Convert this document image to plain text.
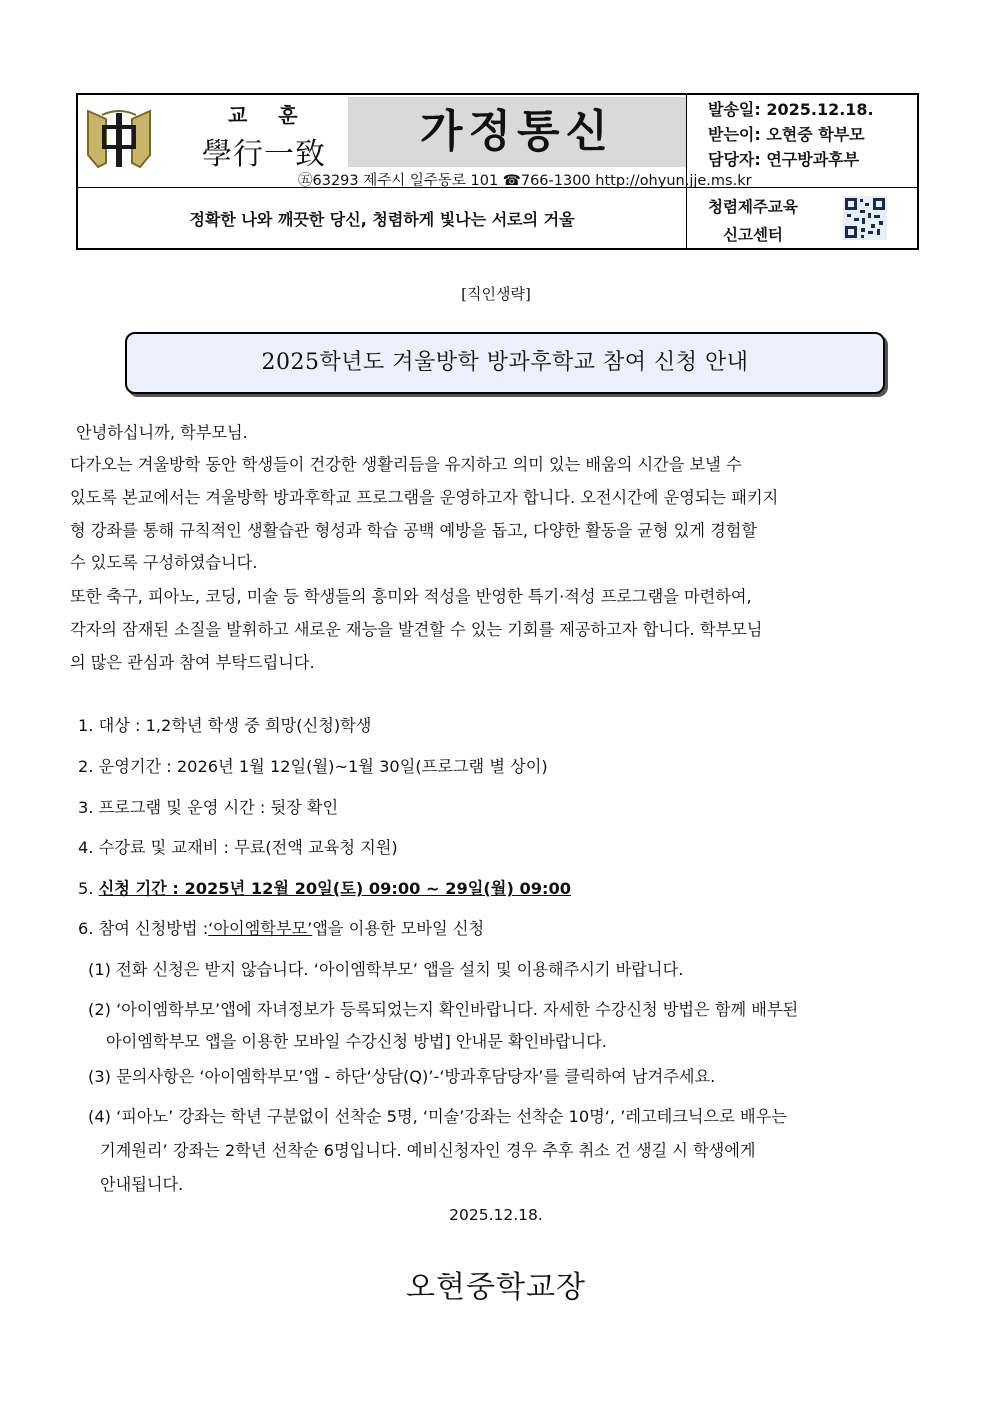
교 훈
學行一致	가정통신	발송일: 2025.12.18.
받는이: 오현중 학부모
담당자: 연구방과후부
㊄63293 제주시 일주동로 101 ☎766-1300 http://ohyun.jje.ms.kr
정확한 나와 깨끗한 당신, 청렴하게 빛나는 서로의 거울
청렴제주교육
신고센터
[직인생략]
2025학년도 겨울방학 방과후학교 참여 신청 안내
안녕하십니까, 학부모님.
다가오는 겨울방학 동안 학생들이 건강한 생활리듬을 유지하고 의미 있는 배움의 시간을 보낼 수
있도록 본교에서는 겨울방학 방과후학교 프로그램을 운영하고자 합니다. 오전시간에 운영되는 패키지
형 강좌를 통해 규칙적인 생활습관 형성과 학습 공백 예방을 돕고, 다양한 활동을 균형 있게 경험할
수 있도록 구성하였습니다.
또한 축구, 피아노, 코딩, 미술 등 학생들의 흥미와 적성을 반영한 특기·적성 프로그램을 마련하여,
각자의 잠재된 소질을 발휘하고 새로운 재능을 발견할 수 있는 기회를 제공하고자 합니다. 학부모님
의 많은 관심과 참여 부탁드립니다.
1. 대상 : 1,2학년 학생 중 희망(신청)학생
2. 운영기간 : 2026년 1월 12일(월)~1월 30일(프로그램 별 상이)
3. 프로그램 및 운영 시간 : 뒷장 확인
4. 수강료 및 교재비 : 무료(전액 교육청 지원)
5. 신청 기간 : 2025년 12월 20일(토) 09:00 ~ 29일(월) 09:00
6. 참여 신청방법 :‘아이엠학부모’앱을 이용한 모바일 신청
(1) 전화 신청은 받지 않습니다. ‘아이엠학부모’ 앱을 설치 및 이용해주시기 바랍니다.
(2) ‘아이엠학부모’앱에 자녀정보가 등록되었는지 확인바랍니다. 자세한 수강신청 방법은 함께 배부된
아이엠학부모 앱을 이용한 모바일 수강신청 방법] 안내문 확인바랍니다.
(3) 문의사항은 ‘아이엠학부모’앱 - 하단‘상담(Q)’-‘방과후담당자’를 클릭하여 남겨주세요.
(4) ‘피아노’ 강좌는 학년 구분없이 선착순 5명, ‘미술’강좌는 선착순 10명‘, ’레고테크닉으로 배우는
기계원리’ 강좌는 2학년 선착순 6명입니다. 예비신청자인 경우 추후 취소 건 생길 시 학생에게
안내됩니다.
2025.12.18.
오현중학교장
